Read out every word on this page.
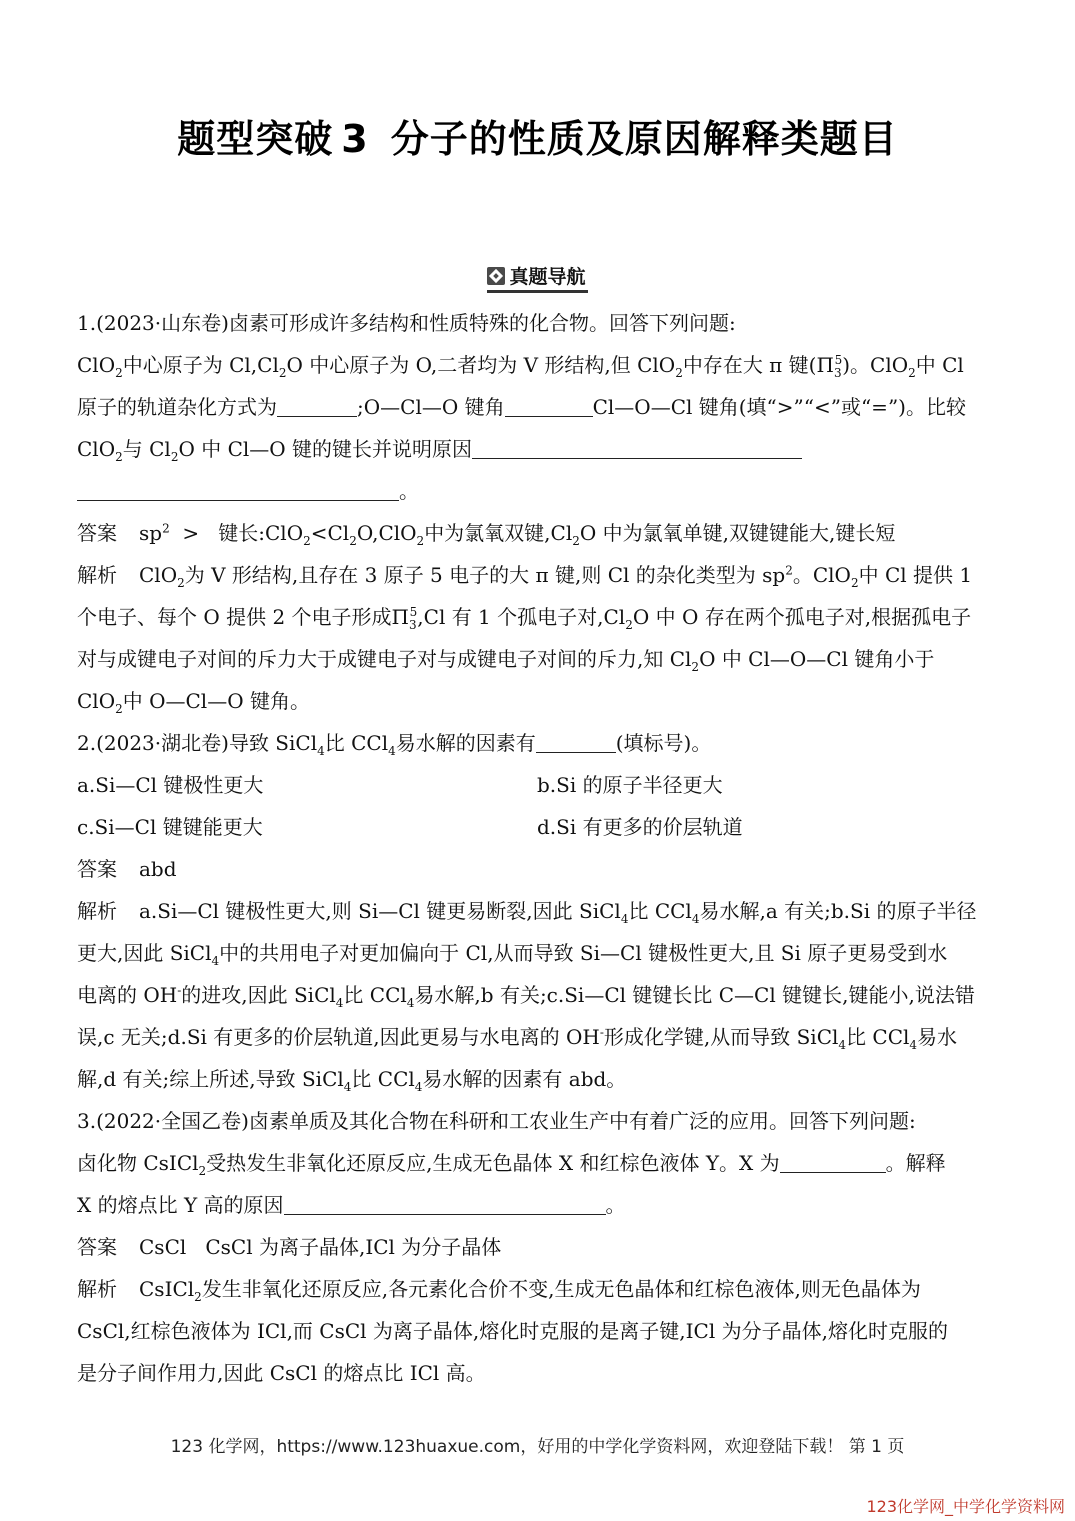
题型突破 3 分子的性质及原因解释类题目
真题导航
1.(2023·山东卷)卤素可形成许多结构和性质特殊的化合物。回答下列问题:
ClO$_2$中心原子为 $Cl,Cl_2O$ 中心原子为 O,二者均为 V 形结构,但 ClO$_2$中存在大 π 键$(\Pi_3^5)$。ClO$_2$中 Cl
原子的轨道杂化方式为	;O—Cl—O 键角	Cl—O—Cl 键角(填“>”“<”或“=”)。比较
ClO$_2$与 $Cl_2O$ 中 Cl—O 键的键长并说明原因
。
答案 $sp^2$  >   键长$:ClO_2<Cl_2O,ClO_2$中为氯氧双键$,Cl_2O$ 中为氯氧单键,双键键能大,键长短
解析 ClO$_2$为 V 形结构,且存在 3 原子 5 电子的大 π 键,则 Cl 的杂化类型为 $sp^2$。ClO$_2$中 Cl 提供 1
个电子、每个 O 提供 2 个电子形成$\Pi_3^5,Cl$ 有 1 个孤电子对$,Cl_2O$ 中 O 存在两个孤电子对,根据孤电子
对与成键电子对间的斥力大于成键电子对与成键电子对间的斥力,知 $Cl_2O$ 中 Cl—O—Cl 键角小于
ClO$_2$中 O—Cl—O 键角。
2.(2023·湖北卷)导致 SiCl$_4$比 CCl$_4$易水解的因素有	(填标号)。
a.Si—Cl 键极性更大	b.Si 的原子半径更大
c.Si—Cl 键键能更大	d.Si 有更多的价层轨道
答案 abd
解析 a.Si—Cl 键极性更大,则 Si—Cl 键更易断裂,因此 SiCl$_4$比 CCl$_4$易水解,a 有关;b.Si 的原子半径
更大,因此 SiCl$_4$中的共用电子对更加偏向于 Cl,从而导致 Si—Cl 键极性更大,且 Si 原子更易受到水
电离的 OH-的进攻,因此 SiCl$_4$比 CCl$_4$易水解,b 有关;c.Si—Cl 键键长比 C—Cl 键键长,键能小,说法错
误,c 无关;d.Si 有更多的价层轨道,因此更易与水电离的 OH-形成化学键,从而导致 SiCl$_4$比 CCl$_4$易水
解,d 有关;综上所述,导致 SiCl$_4$比 CCl$_4$易水解的因素有 abd。
3.(2022·全国乙卷)卤素单质及其化合物在科研和工农业生产中有着广泛的应用。回答下列问题:
卤化物 CsICl$_2$受热发生非氧化还原反应,生成无色晶体 X 和红棕色液体 Y。X 为	。解释
X 的熔点比 Y 高的原因	。
答案 CsCl   CsCl 为离子晶体,ICl 为分子晶体
解析 CsICl$_2$发生非氧化还原反应,各元素化合价不变,生成无色晶体和红棕色液体,则无色晶体为
CsCl,红棕色液体为 ICl,而 CsCl 为离子晶体,熔化时克服的是离子键,ICl 为分子晶体,熔化时克服的
是分子间作用力,因此 CsCl 的熔点比 ICl 高。
123 化学网，https://www.123huaxue.com，好用的中学化学资料网，欢迎登陆下载！ 第 1 页
123化学网_中学化学资料网
